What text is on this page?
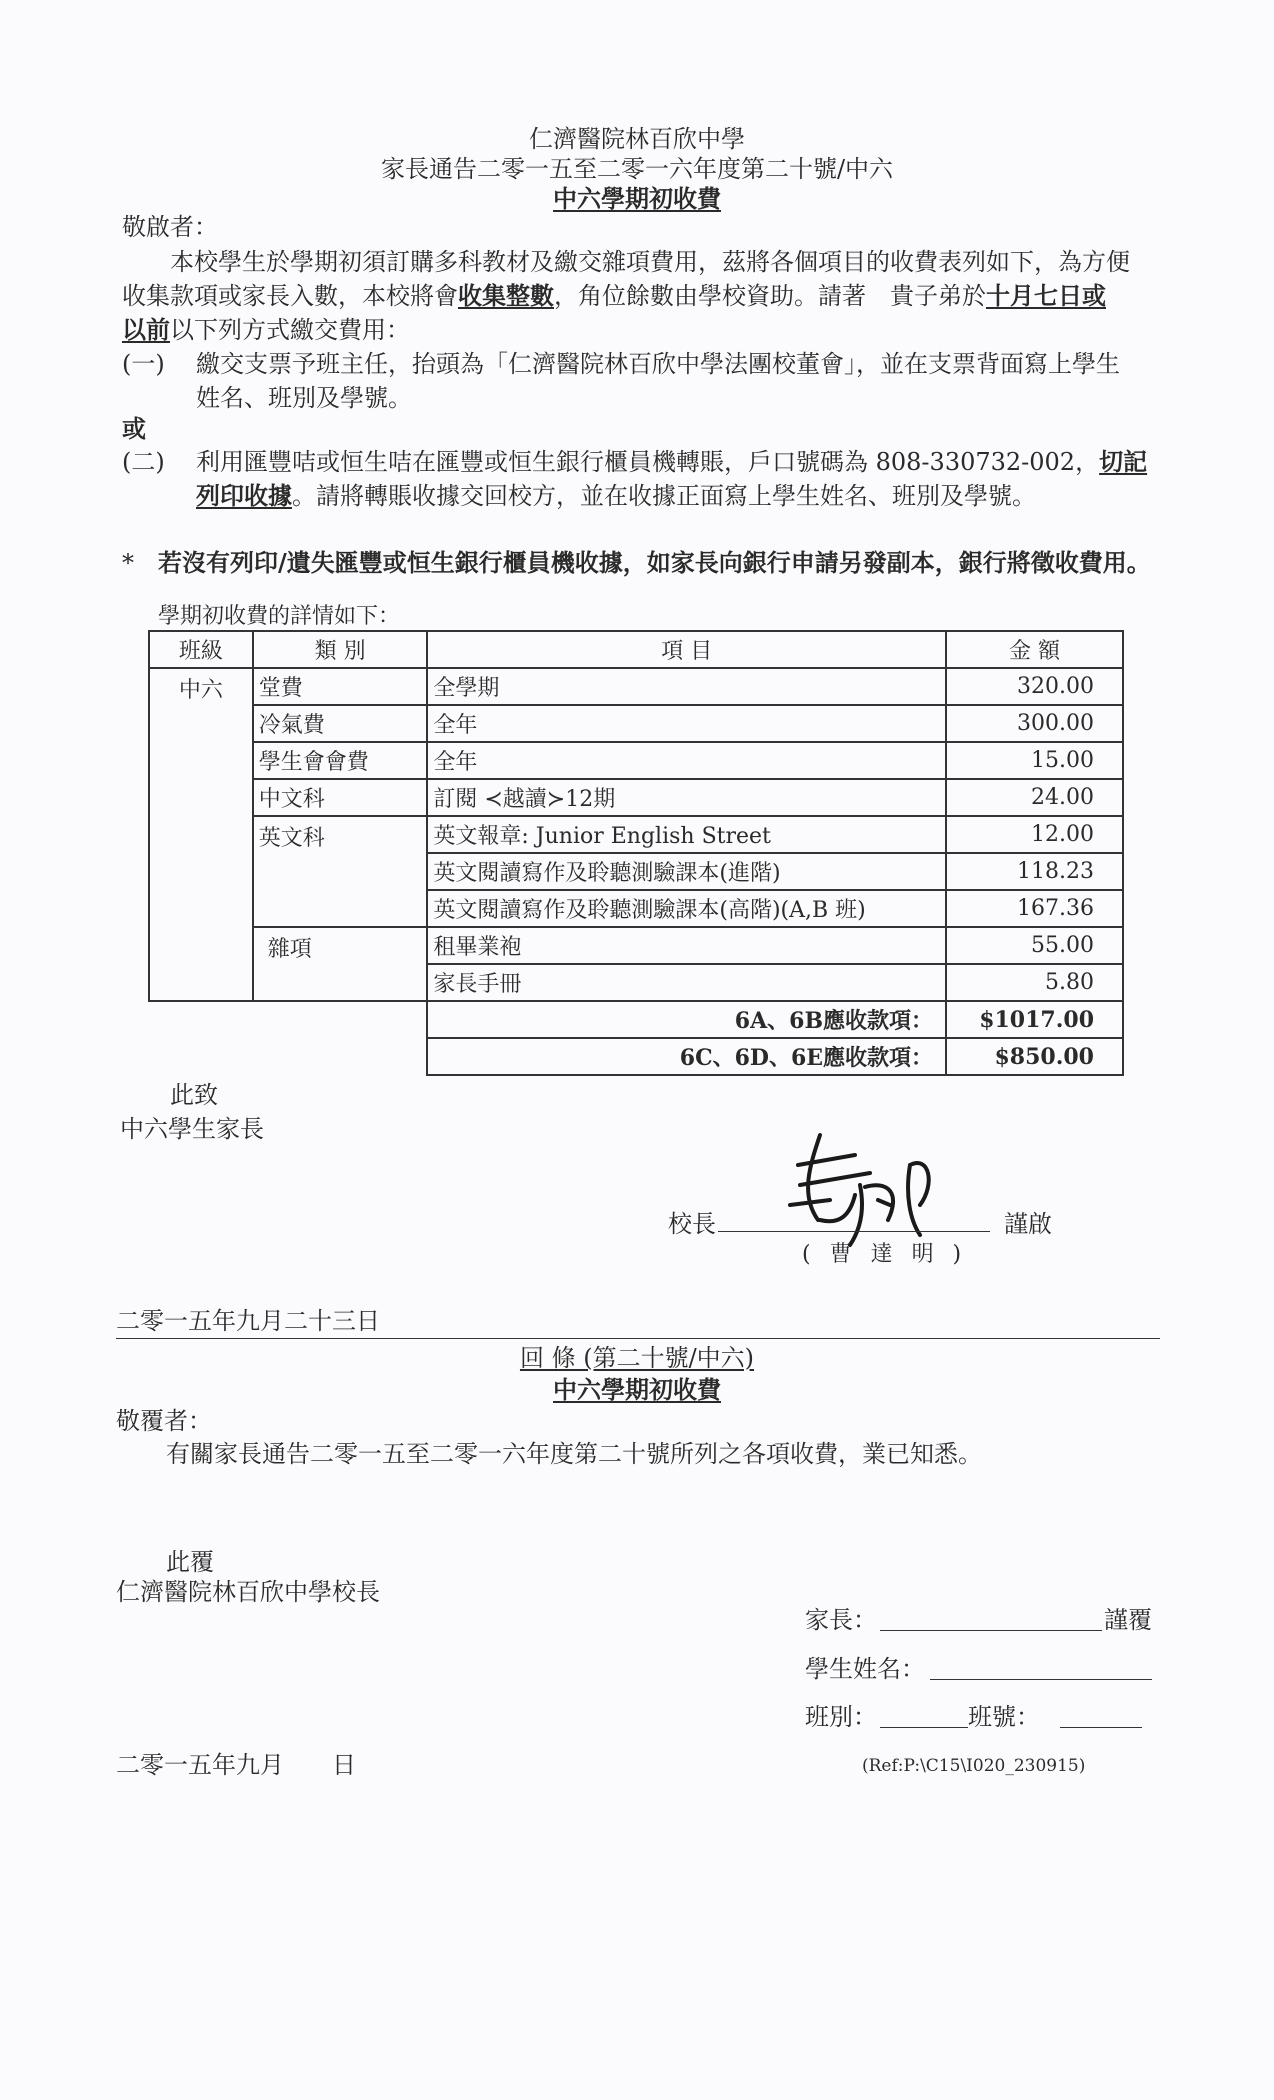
仁濟醫院林百欣中學
家長通告二零一五至二零一六年度第二十號/中六
中六學期初收費
敬啟者：
本校學生於學期初須訂購多科教材及繳交雜項費用，茲將各個項目的收費表列如下，為方便
收集款項或家長入數，本校將會收集整數，角位餘數由學校資助。請著　貴子弟於十月七日或
以前以下列方式繳交費用：
(一) 繳交支票予班主任，抬頭為「仁濟醫院林百欣中學法團校董會」，並在支票背面寫上學生
姓名、班別及學號。
或
(二) 利用匯豐咭或恒生咭在匯豐或恒生銀行櫃員機轉賬，戶口號碼為 808-330732-002，切記
列印收據。請將轉賬收據交回校方，並在收據正面寫上學生姓名、班別及學號。
* 若沒有列印/遺失匯豐或恒生銀行櫃員機收據，如家長向銀行申請另發副本，銀行將徵收費用。
學期初收費的詳情如下：
班級	類 別	項 目	金 額
中六	堂費	全學期	320.00
	冷氣費	全年	300.00
	學生會會費	全年	15.00
	中文科	訂閱 ≺越讀≻12期	24.00
	英文科	英文報章: Junior English Street	12.00
		英文閱讀寫作及聆聽測驗課本(進階)	118.23
		英文閱讀寫作及聆聽測驗課本(高階)(A,B 班)	167.36
	雜項	租畢業袍	55.00
		家長手冊	5.80
		6A、6B應收款項：	$1017.00
		6C、6D、6E應收款項：	$850.00
此致
中六學生家長
校長	謹啟
( 曹 達 明 )
二零一五年九月二十三日
回 條 (第二十號/中六)
中六學期初收費
敬覆者：
有關家長通告二零一五至二零一六年度第二十號所列之各項收費，業已知悉。
此覆
仁濟醫院林百欣中學校長
家長：	謹覆
學生姓名：
班別：	班號：
二零一五年九月　　日	(Ref:P:\C15\I020_230915)
